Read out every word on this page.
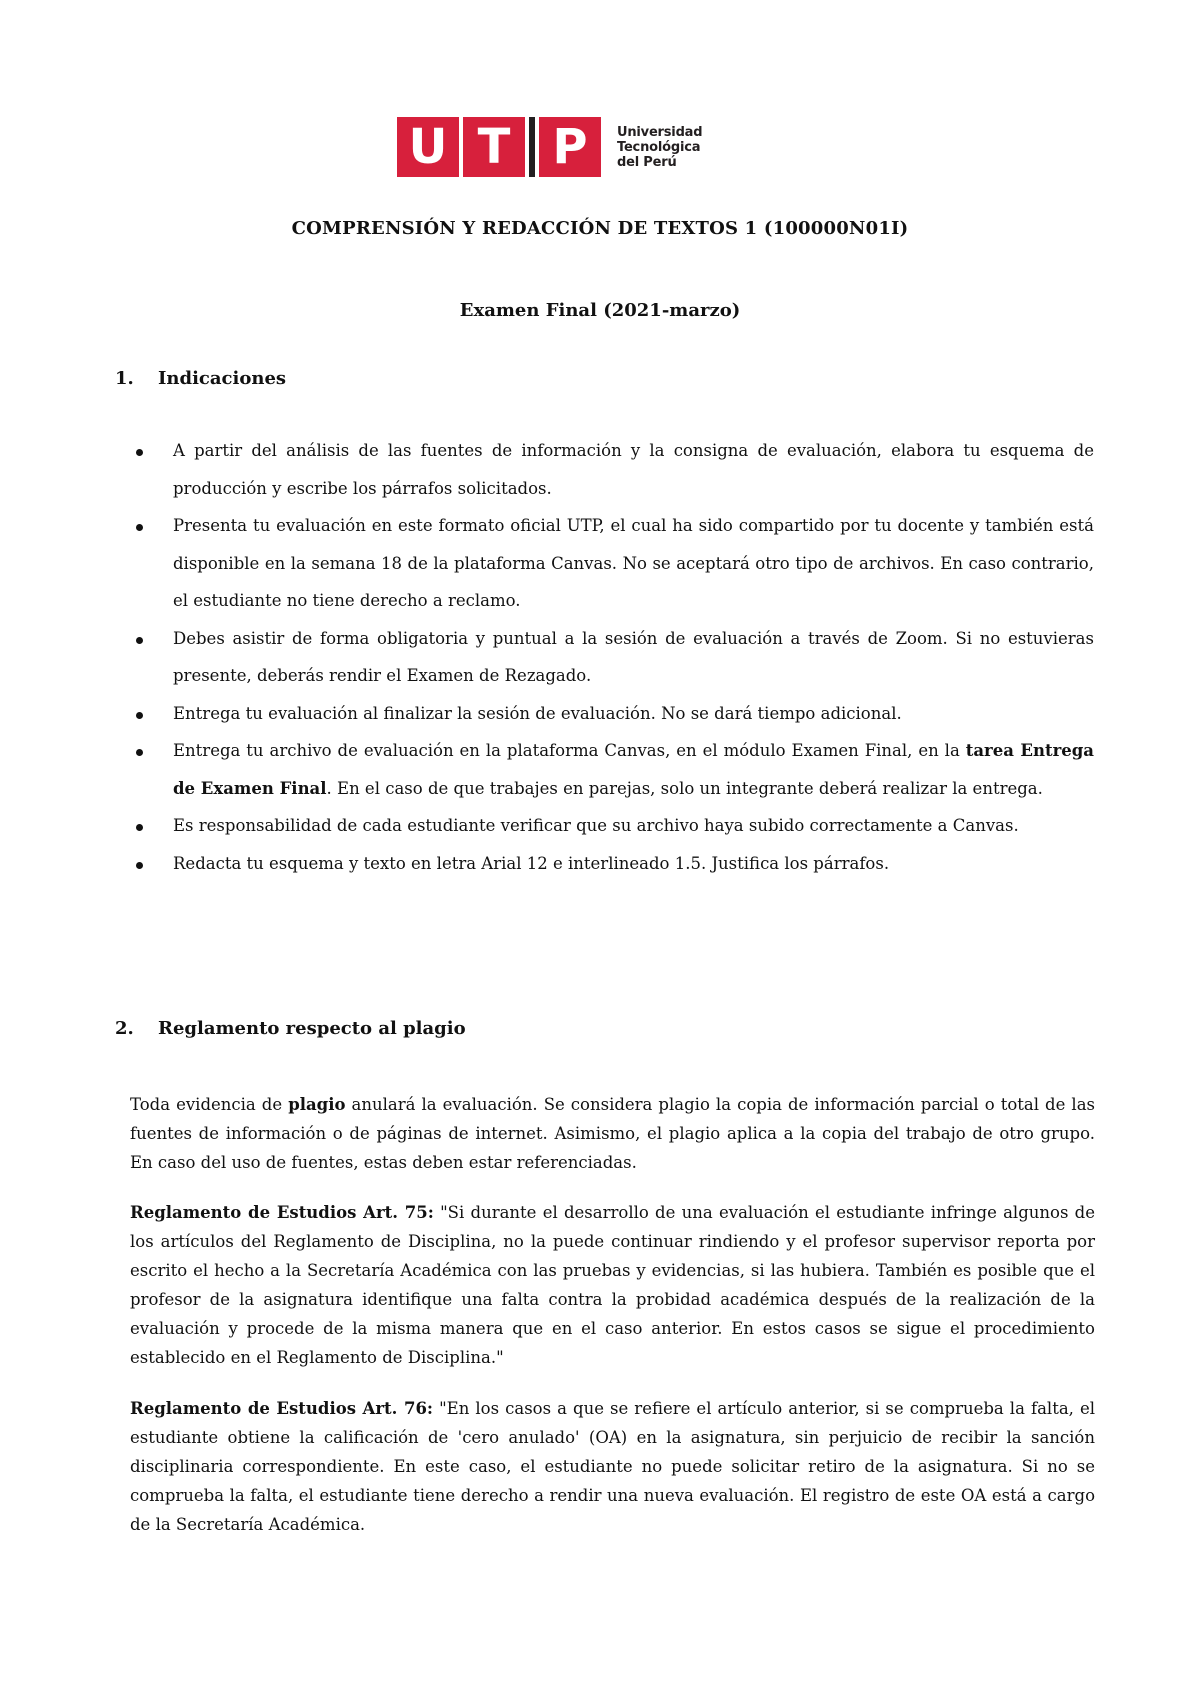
U T P	Universidad
Tecnológica
del Perú
COMPRENSIÓN Y REDACCIÓN DE TEXTOS 1 (100000N01I)
Examen Final (2021-marzo)
1. Indicaciones
A partir del análisis de las fuentes de información y la consigna de evaluación, elabora tu esquema de producción y escribe los párrafos solicitados.
Presenta tu evaluación en este formato oficial UTP, el cual ha sido compartido por tu docente y también está disponible en la semana 18 de la plataforma Canvas. No se aceptará otro tipo de archivos. En caso contrario, el estudiante no tiene derecho a reclamo.
Debes asistir de forma obligatoria y puntual a la sesión de evaluación a través de Zoom. Si no estuvieras presente, deberás rendir el Examen de Rezagado.
Entrega tu evaluación al finalizar la sesión de evaluación. No se dará tiempo adicional.
Entrega tu archivo de evaluación en la plataforma Canvas, en el módulo Examen Final, en la tarea Entrega de Examen Final. En el caso de que trabajes en parejas, solo un integrante deberá realizar la entrega.
Es responsabilidad de cada estudiante verificar que su archivo haya subido correctamente a Canvas.
Redacta tu esquema y texto en letra Arial 12 e interlineado 1.5. Justifica los párrafos.
2. Reglamento respecto al plagio

Toda evidencia de plagio anulará la evaluación. Se considera plagio la copia de información parcial o total de las fuentes de información o de páginas de internet. Asimismo, el plagio aplica a la copia del trabajo de otro grupo. En caso del uso de fuentes, estas deben estar referenciadas.

Reglamento de Estudios Art. 75: "Si durante el desarrollo de una evaluación el estudiante infringe algunos de los artículos del Reglamento de Disciplina, no la puede continuar rindiendo y el profesor supervisor reporta por escrito el hecho a la Secretaría Académica con las pruebas y evidencias, si las hubiera. También es posible que el profesor de la asignatura identifique una falta contra la probidad académica después de la realización de la evaluación y procede de la misma manera que en el caso anterior. En estos casos se sigue el procedimiento establecido en el Reglamento de Disciplina."

Reglamento de Estudios Art. 76: "En los casos a que se refiere el artículo anterior, si se comprueba la falta, el estudiante obtiene la calificación de 'cero anulado' (OA) en la asignatura, sin perjuicio de recibir la sanción disciplinaria correspondiente. En este caso, el estudiante no puede solicitar retiro de la asignatura. Si no se comprueba la falta, el estudiante tiene derecho a rendir una nueva evaluación. El registro de este OA está a cargo de la Secretaría Académica.
